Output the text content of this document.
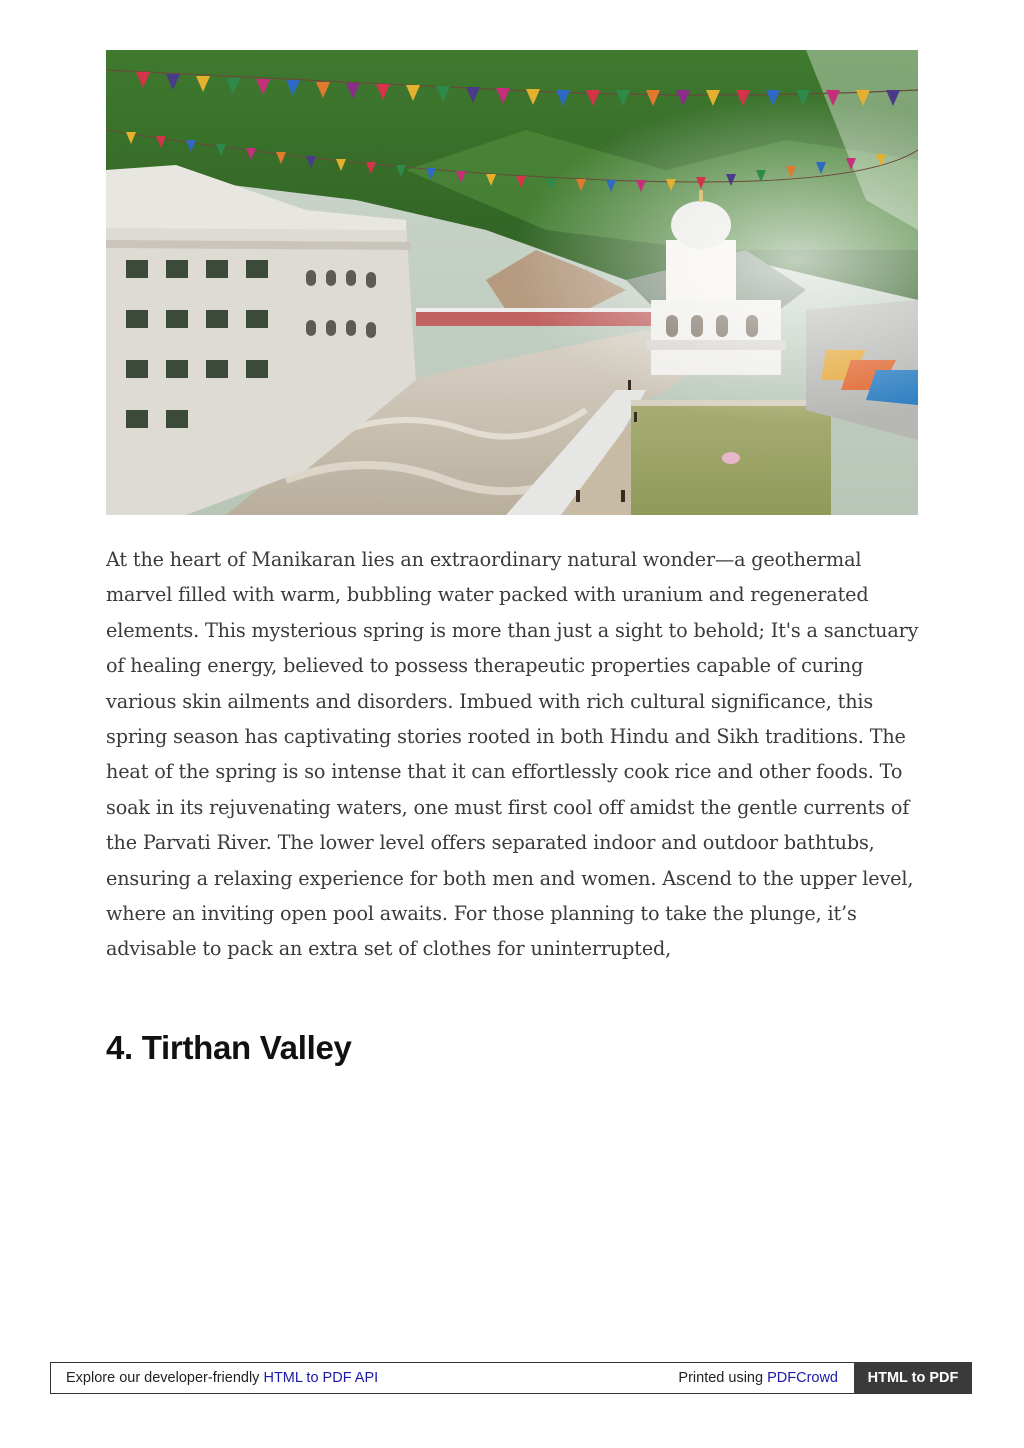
At the heart of Manikaran lies an extraordinary natural wonder—a geothermal marvel filled with warm, bubbling water packed with uranium and regenerated elements. This mysterious spring is more than just a sight to behold; It's a sanctuary of healing energy, believed to possess therapeutic properties capable of curing various skin ailments and disorders. Imbued with rich cultural significance, this spring season has captivating stories rooted in both Hindu and Sikh traditions. The heat of the spring is so intense that it can effortlessly cook rice and other foods. To soak in its rejuvenating waters, one must first cool off amidst the gentle currents of the Parvati River. The lower level offers separated indoor and outdoor bathtubs, ensuring a relaxing experience for both men and women. Ascend to the upper level, where an inviting open pool awaits. For those planning to take the plunge, it’s advisable to pack an extra set of clothes for uninterrupted,

4. Tirthan Valley
Explore our developer-friendly HTML to PDF API	Printed using PDFCrowd	HTML to PDF
